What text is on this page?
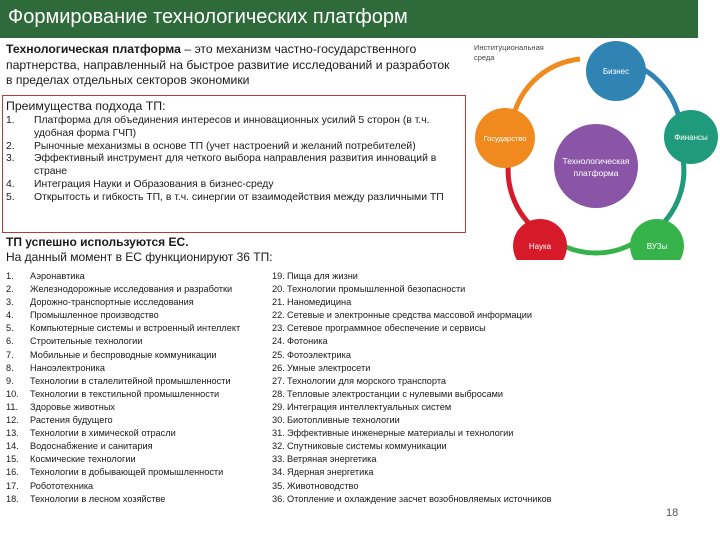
Формирование технологических платформ
Технологическая платформа – это механизм частно-государственного партнерства, направленный на быстрое развитие исследований и разработок в пределах отдельных секторов экономики
Преимущества подхода ТП:
1.	Платформа для объединения интересов и инновационных усилий 5 сторон (в т.ч. удобная форма ГЧП)
2.	Рыночные механизмы в основе ТП (учет настроений и желаний потребителей)
3.	Эффективный инструмент для четкого выбора направления развития инноваций в стране
4.	Интеграция Науки и Образования в бизнес-среду
5.	Открытость и гибкость ТП, в т.ч. синергии от взаимодействия между различными ТП
ТП успешно используются ЕС.
На данный момент в ЕС функционируют 36 ТП:
1.	Аэронавтика
2.	Железнодорожные исследования и разработки
3.	Дорожно-транспортные исследования
4.	Промышленное производство
5.	Компьютерные системы и встроенный интеллект
6.	Строительные технологии
7.	Мобильные и беспроводные коммуникации
8.	Наноэлектроника
9.	Технологии в сталелитейной промышленности
10.	Технологии в текстильной промышленности
11.	Здоровье животных
12.	Растения будущего
13.	Технологии в химической отрасли
14.	Водоснабжение и санитария
15.	Космические технологии
16.	Технологии в добывающей промышленности
17.	Робототехника
18.	Технологии в лесном хозяйстве
19. Пища для жизни
20. Технологии промышленной безопасности
21. Наномедицина
22. Сетевые и электронные средства массовой информации
23. Сетевое программное обеспечение и сервисы
24. Фотоника
25. Фотоэлектрика
26. Умные электросети
27. Технологии для морского транспорта
28. Тепловые электростанции с нулевыми выбросами
29. Интеграция интеллектуальных систем
30. Биотопливные технологии
31. Эффективные инженерные материалы и технологии
32. Спутниковые системы коммуникации
33. Ветряная энергетика
34. Ядерная энергетика
35. Животноводство
36. Отопление и охлаждение засчет возобновляемых источников
Институциональная
среда
Технологическая
платформа
Бизнес
Финансы
ВУЗы
Наука
Государство
18
